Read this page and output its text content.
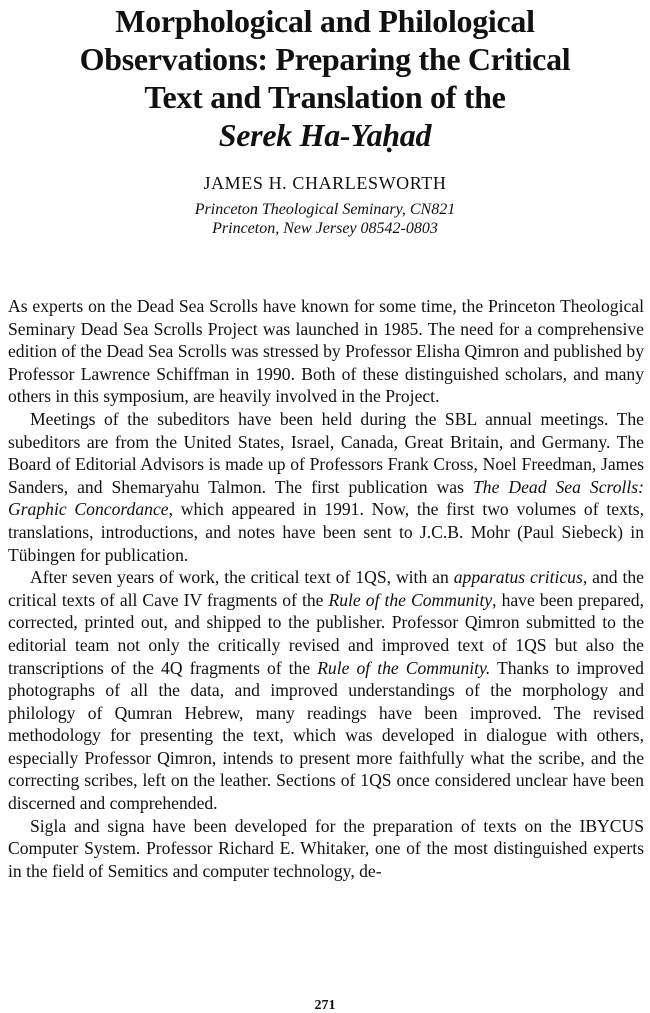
Morphological and Philological
Observations: Preparing the Critical
Text and Translation of the
Serek Ha-Yaḥad
JAMES H. CHARLESWORTH
Princeton Theological Seminary, CN821
Princeton, New Jersey 08542-0803

As experts on the Dead Sea Scrolls have known for some time, the Princeton Theological Seminary Dead Sea Scrolls Project was launched in 1985. The need for a comprehensive edition of the Dead Sea Scrolls was stressed by Professor Elisha Qimron and published by Professor Lawrence Schiffman in 1990. Both of these distinguished scholars, and many others in this symposium, are heavily involved in the Project.

Meetings of the subeditors have been held during the SBL annual meetings. The subeditors are from the United States, Israel, Canada, Great Britain, and Germany. The Board of Editorial Advisors is made up of Professors Frank Cross, Noel Freedman, James Sanders, and Shemaryahu Talmon. The first publication was The Dead Sea Scrolls: Graphic Concordance, which appeared in 1991. Now, the first two volumes of texts, translations, introductions, and notes have been sent to J.C.B. Mohr (Paul Siebeck) in Tübingen for publication.

After seven years of work, the critical text of 1QS, with an apparatus criticus, and the critical texts of all Cave IV fragments of the Rule of the Community, have been prepared, corrected, printed out, and shipped to the publisher. Professor Qimron submitted to the editorial team not only the critically revised and improved text of 1QS but also the transcriptions of the 4Q fragments of the Rule of the Community. Thanks to improved photographs of all the data, and improved understandings of the morphology and philology of Qumran Hebrew, many readings have been improved. The revised methodology for presenting the text, which was developed in dialogue with others, especially Professor Qimron, intends to present more faithfully what the scribe, and the correcting scribes, left on the leather. Sections of 1QS once considered unclear have been discerned and comprehended.

Sigla and signa have been developed for the preparation of texts on the IBYCUS Computer System. Professor Richard E. Whitaker, one of the most distinguished experts in the field of Semitics and computer technology, de-

271
